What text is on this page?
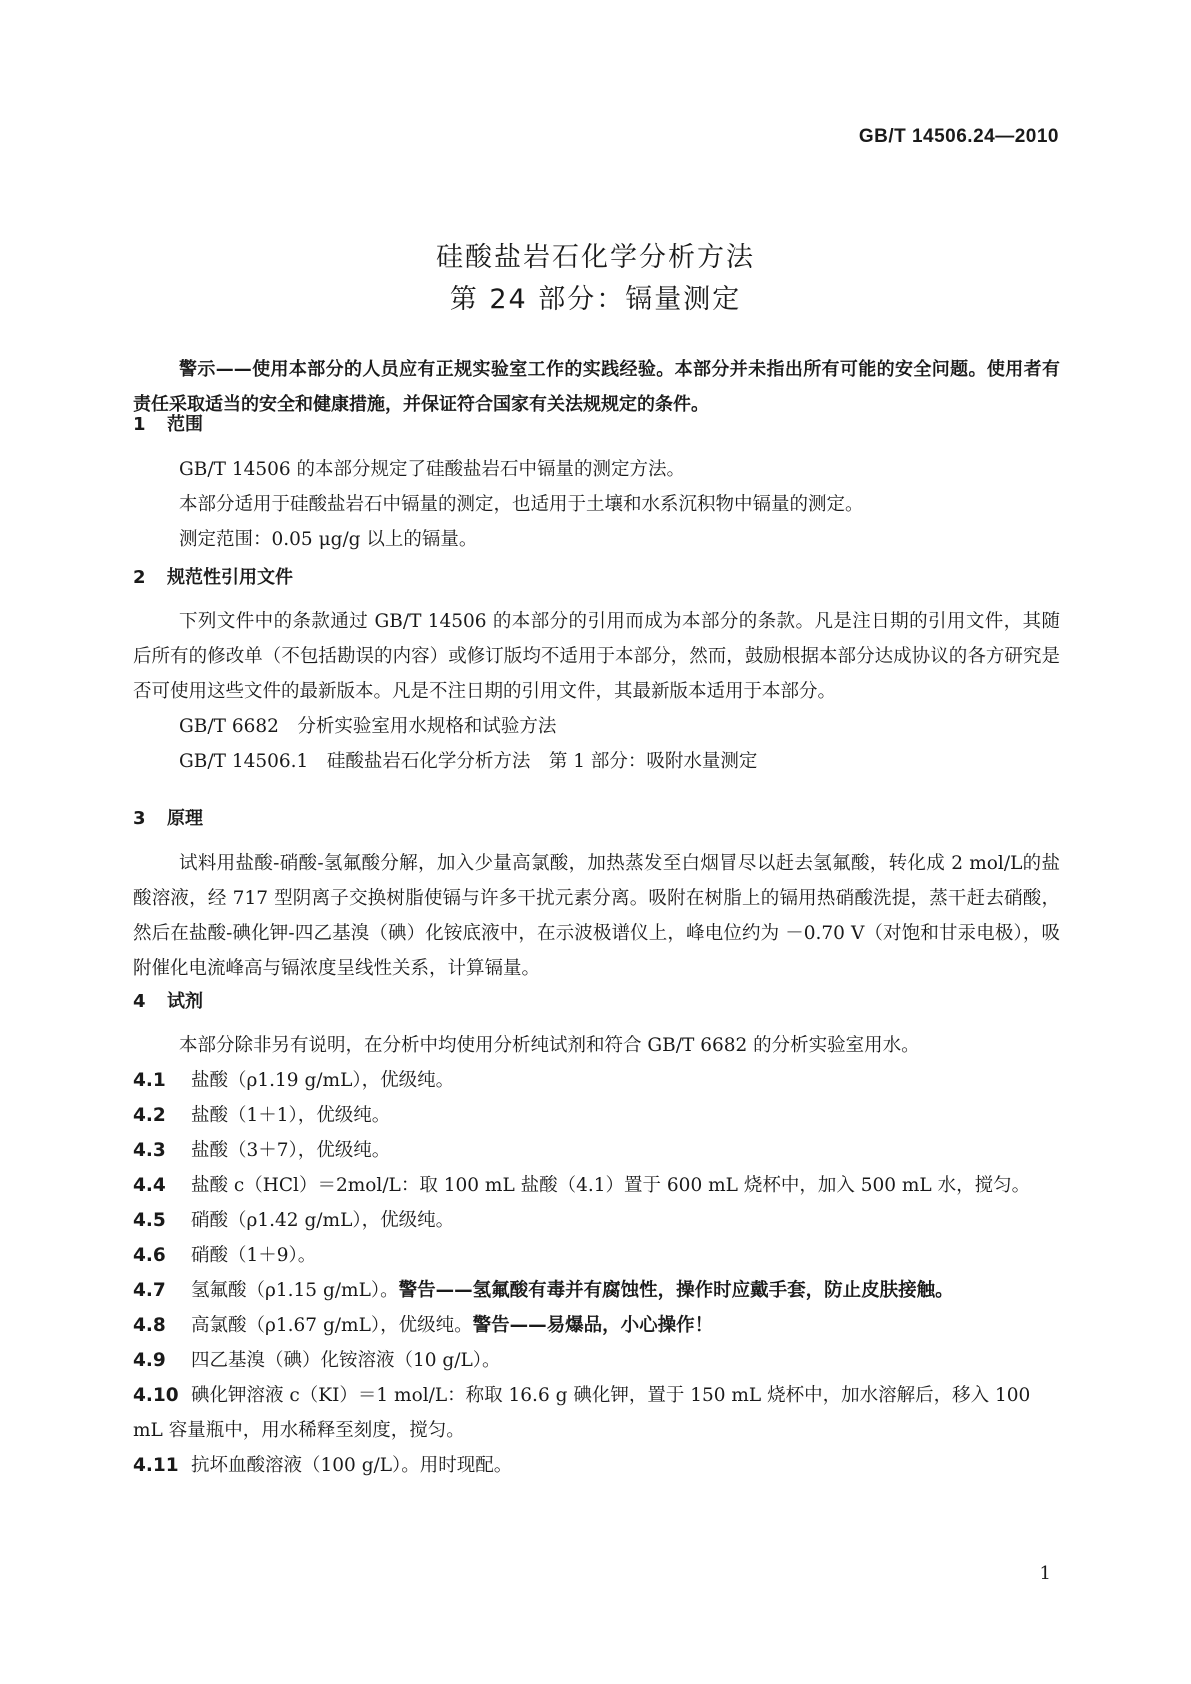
GB/T 14506.24—2010
硅酸盐岩石化学分析方法
第 24 部分：镉量测定

警示——使用本部分的人员应有正规实验室工作的实践经验。本部分并未指出所有可能的安全问题。使用者有责任采取适当的安全和健康措施，并保证符合国家有关法规规定的条件。

1 范围

GB/T 14506 的本部分规定了硅酸盐岩石中镉量的测定方法。

本部分适用于硅酸盐岩石中镉量的测定，也适用于土壤和水系沉积物中镉量的测定。

测定范围：0.05 μg/g 以上的镉量。

2 规范性引用文件

下列文件中的条款通过 GB/T 14506 的本部分的引用而成为本部分的条款。凡是注日期的引用文件，其随后所有的修改单（不包括勘误的内容）或修订版均不适用于本部分，然而，鼓励根据本部分达成协议的各方研究是否可使用这些文件的最新版本。凡是不注日期的引用文件，其最新版本适用于本部分。

GB/T 6682　分析实验室用水规格和试验方法

GB/T 14506.1　硅酸盐岩石化学分析方法　第 1 部分：吸附水量测定

3 原理

试料用盐酸-硝酸-氢氟酸分解，加入少量高氯酸，加热蒸发至白烟冒尽以赶去氢氟酸，转化成 2 mol/L的盐酸溶液，经 717 型阴离子交换树脂使镉与许多干扰元素分离。吸附在树脂上的镉用热硝酸洗提，蒸干赶去硝酸，然后在盐酸-碘化钾-四乙基溴（碘）化铵底液中，在示波极谱仪上，峰电位约为 －0.70 V（对饱和甘汞电极），吸附催化电流峰高与镉浓度呈线性关系，计算镉量。

4 试剂

本部分除非另有说明，在分析中均使用分析纯试剂和符合 GB/T 6682 的分析实验室用水。

4.1 盐酸（ρ1.19 g/mL），优级纯。

4.2 盐酸（1＋1），优级纯。

4.3 盐酸（3＋7），优级纯。

4.4 盐酸 c（HCl）＝2mol/L：取 100 mL 盐酸（4.1）置于 600 mL 烧杯中，加入 500 mL 水，搅匀。

4.5 硝酸（ρ1.42 g/mL），优级纯。

4.6 硝酸（1＋9）。

4.7 氢氟酸（ρ1.15 g/mL）。警告——氢氟酸有毒并有腐蚀性，操作时应戴手套，防止皮肤接触。

4.8 高氯酸（ρ1.67 g/mL），优级纯。警告——易爆品，小心操作！

4.9 四乙基溴（碘）化铵溶液（10 g/L）。

4.10 碘化钾溶液 c（KI）＝1 mol/L：称取 16.6 g 碘化钾，置于 150 mL 烧杯中，加水溶解后，移入 100 mL 容量瓶中，用水稀释至刻度，搅匀。

4.11 抗坏血酸溶液（100 g/L）。用时现配。

1
